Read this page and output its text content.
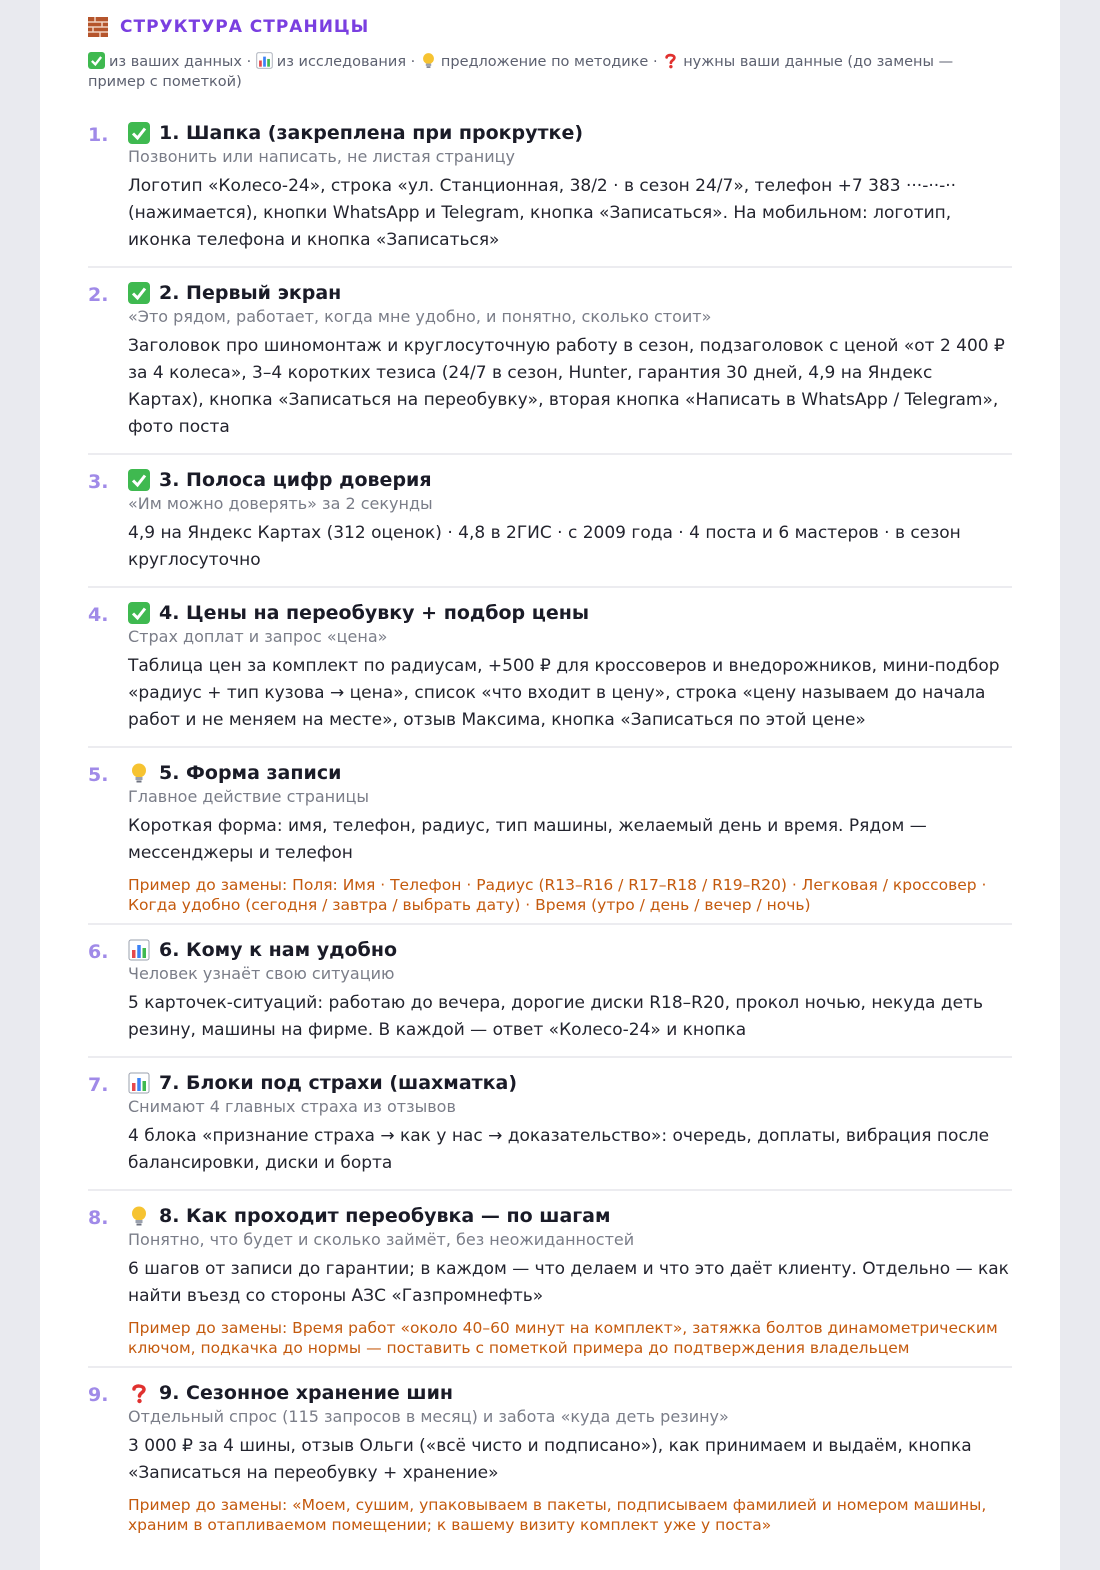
СТРУКТУРА СТРАНИЦЫ
из ваших данных · из исследования · предложение по методике · нужны ваши данные (до замены — пример с пометкой)
1.	1. Шапка (закреплена при прокрутке)
Позвонить или написать, не листая страницу
Логотип «Колесо-24», строка «ул. Станционная, 38/2 · в сезон 24/7», телефон +7 383 ···-··-·· (нажимается), кнопки WhatsApp и Telegram, кнопка «Записаться». На мобильном: логотип, иконка телефона и кнопка «Записаться»
2.	2. Первый экран
«Это рядом, работает, когда мне удобно, и понятно, сколько стоит»
Заголовок про шиномонтаж и круглосуточную работу в сезон, подзаголовок с ценой «от 2 400 ₽ за 4 колеса», 3–4 коротких тезиса (24/7 в сезон, Hunter, гарантия 30 дней, 4,9 на Яндекс Картах), кнопка «Записаться на переобувку», вторая кнопка «Написать в WhatsApp / Telegram», фото поста
3.	3. Полоса цифр доверия
«Им можно доверять» за 2 секунды
4,9 на Яндекс Картах (312 оценок) · 4,8 в 2ГИС · с 2009 года · 4 поста и 6 мастеров · в сезон круглосуточно
4.	4. Цены на переобувку + подбор цены
Страх доплат и запрос «цена»
Таблица цен за комплект по радиусам, +500 ₽ для кроссоверов и внедорожников, мини-подбор «радиус + тип кузова → цена», список «что входит в цену», строка «цену называем до начала работ и не меняем на месте», отзыв Максима, кнопка «Записаться по этой цене»
5.	5. Форма записи
Главное действие страницы
Короткая форма: имя, телефон, радиус, тип машины, желаемый день и время. Рядом — мессенджеры и телефон
Пример до замены: Поля: Имя · Телефон · Радиус (R13–R16 / R17–R18 / R19–R20) · Легковая / кроссовер · Когда удобно (сегодня / завтра / выбрать дату) · Время (утро / день / вечер / ночь)
6.	6. Кому к нам удобно
Человек узнаёт свою ситуацию
5 карточек-ситуаций: работаю до вечера, дорогие диски R18–R20, прокол ночью, некуда деть резину, машины на фирме. В каждой — ответ «Колесо-24» и кнопка
7.	7. Блоки под страхи (шахматка)
Снимают 4 главных страха из отзывов
4 блока «признание страха → как у нас → доказательство»: очередь, доплаты, вибрация после балансировки, диски и борта
8.	8. Как проходит переобувка — по шагам
Понятно, что будет и сколько займёт, без неожиданностей
6 шагов от записи до гарантии; в каждом — что делаем и что это даёт клиенту. Отдельно — как найти въезд со стороны АЗС «Газпромнефть»
Пример до замены: Время работ «около 40–60 минут на комплект», затяжка болтов динамометрическим ключом, подкачка до нормы — поставить с пометкой примера до подтверждения владельцем
9.	9. Сезонное хранение шин
Отдельный спрос (115 запросов в месяц) и забота «куда деть резину»
3 000 ₽ за 4 шины, отзыв Ольги («всё чисто и подписано»), как принимаем и выдаём, кнопка «Записаться на переобувку + хранение»
Пример до замены: «Моем, сушим, упаковываем в пакеты, подписываем фамилией и номером машины, храним в отапливаемом помещении; к вашему визиту комплект уже у поста»
